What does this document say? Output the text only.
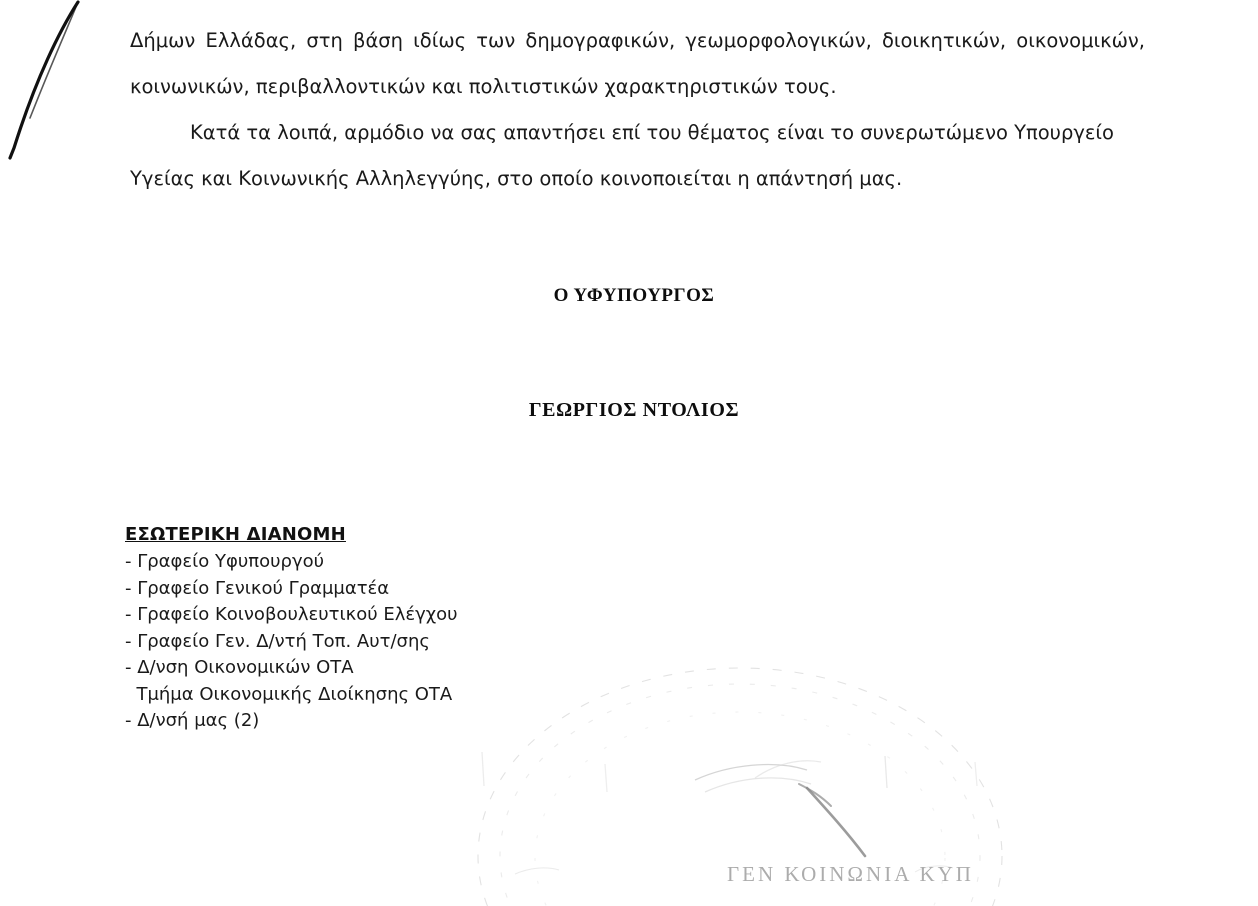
Δήμων Ελλάδας, στη βάση ιδίως των δημογραφικών, γεωμορφολογικών, διοικητικών, οικονομικών, κοινωνικών, περιβαλλοντικών και πολιτιστικών χαρακτηριστικών τους.

Κατά τα λοιπά, αρμόδιο να σας απαντήσει επί του θέματος είναι το συνερωτώμενο Υπουργείο Υγείας και Κοινωνικής Αλληλεγγύης, στο οποίο κοινοποιείται η απάντησή μας.

Ο ΥΦΥΠΟΥΡΓΟΣ
ΓΕΩΡΓΙΟΣ ΝΤΟΛΙΟΣ
ΕΣΩΤΕΡΙΚΗ ΔΙΑΝΟΜΗ
- Γραφείο Υφυπουργού
- Γραφείο Γενικού Γραμματέα
- Γραφείο Κοινοβουλευτικού Ελέγχου
- Γραφείο Γεν. Δ/ντή Τοπ. Αυτ/σης
- Δ/νση Οικονομικών ΟΤΑ
Τμήμα Οικονομικής Διοίκησης ΟΤΑ
- Δ/νσή μας (2)
ΓΕΝ ΚΟΙΝΩΝΙΑ ΚΥΠ
